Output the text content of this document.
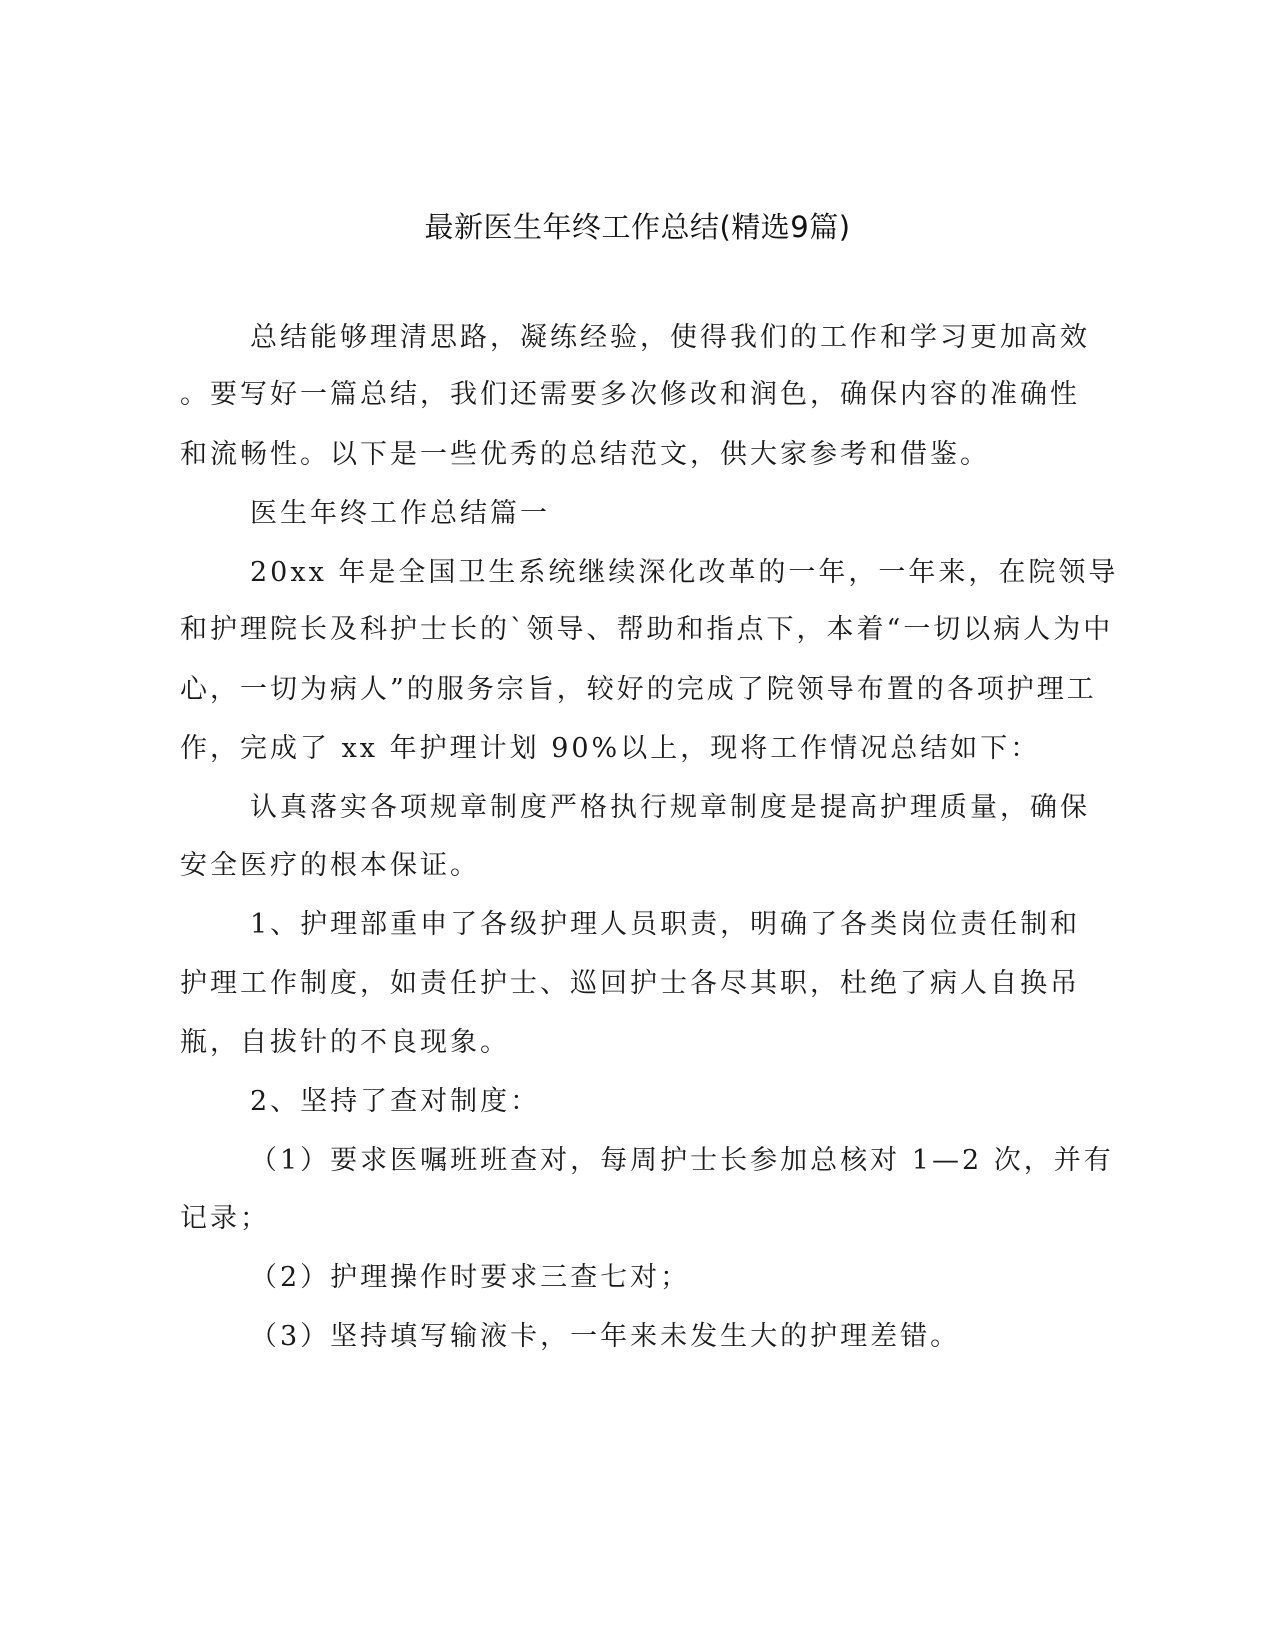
最新医生年终工作总结(精选9篇)
总结能够理清思路，凝练经验，使得我们的工作和学习更加高效
。要写好一篇总结，我们还需要多次修改和润色，确保内容的准确性
和流畅性。以下是一些优秀的总结范文，供大家参考和借鉴。
医生年终工作总结篇一
20xx 年是全国卫生系统继续深化改革的一年，一年来，在院领导
和护理院长及科护士长的`领导、帮助和指点下，本着“一切以病人为中
心，一切为病人”的服务宗旨，较好的完成了院领导布置的各项护理工
作，完成了 xx 年护理计划 90%以上，现将工作情况总结如下：
认真落实各项规章制度严格执行规章制度是提高护理质量，确保
安全医疗的根本保证。
1、护理部重申了各级护理人员职责，明确了各类岗位责任制和
护理工作制度，如责任护士、巡回护士各尽其职，杜绝了病人自换吊
瓶，自拔针的不良现象。
2、坚持了查对制度：
（1）要求医嘱班班查对，每周护士长参加总核对 1—2 次，并有
记录；
（2）护理操作时要求三查七对；
（3）坚持填写输液卡，一年来未发生大的护理差错。
